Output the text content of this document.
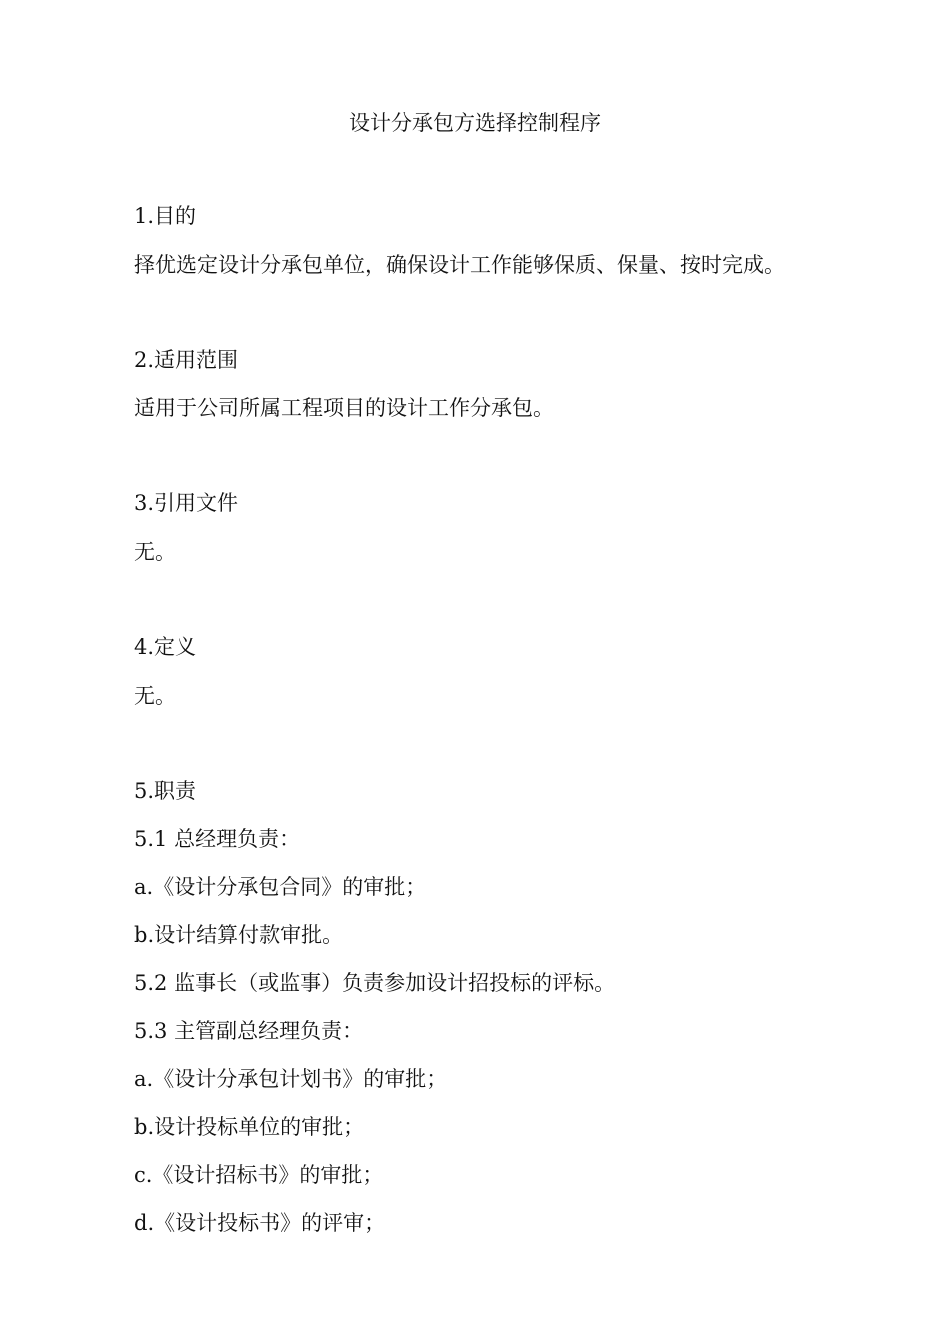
设计分承包方选择控制程序
1.目的
择优选定设计分承包单位，确保设计工作能够保质、保量、按时完成。
2.适用范围
适用于公司所属工程项目的设计工作分承包。
3.引用文件
无。
4.定义
无。
5.职责
5.1 总经理负责：
a.《设计分承包合同》的审批；
b.设计结算付款审批。
5.2 监事长（或监事）负责参加设计招投标的评标。
5.3 主管副总经理负责：
a.《设计分承包计划书》的审批；
b.设计投标单位的审批；
c.《设计招标书》的审批；
d.《设计投标书》的评审；
